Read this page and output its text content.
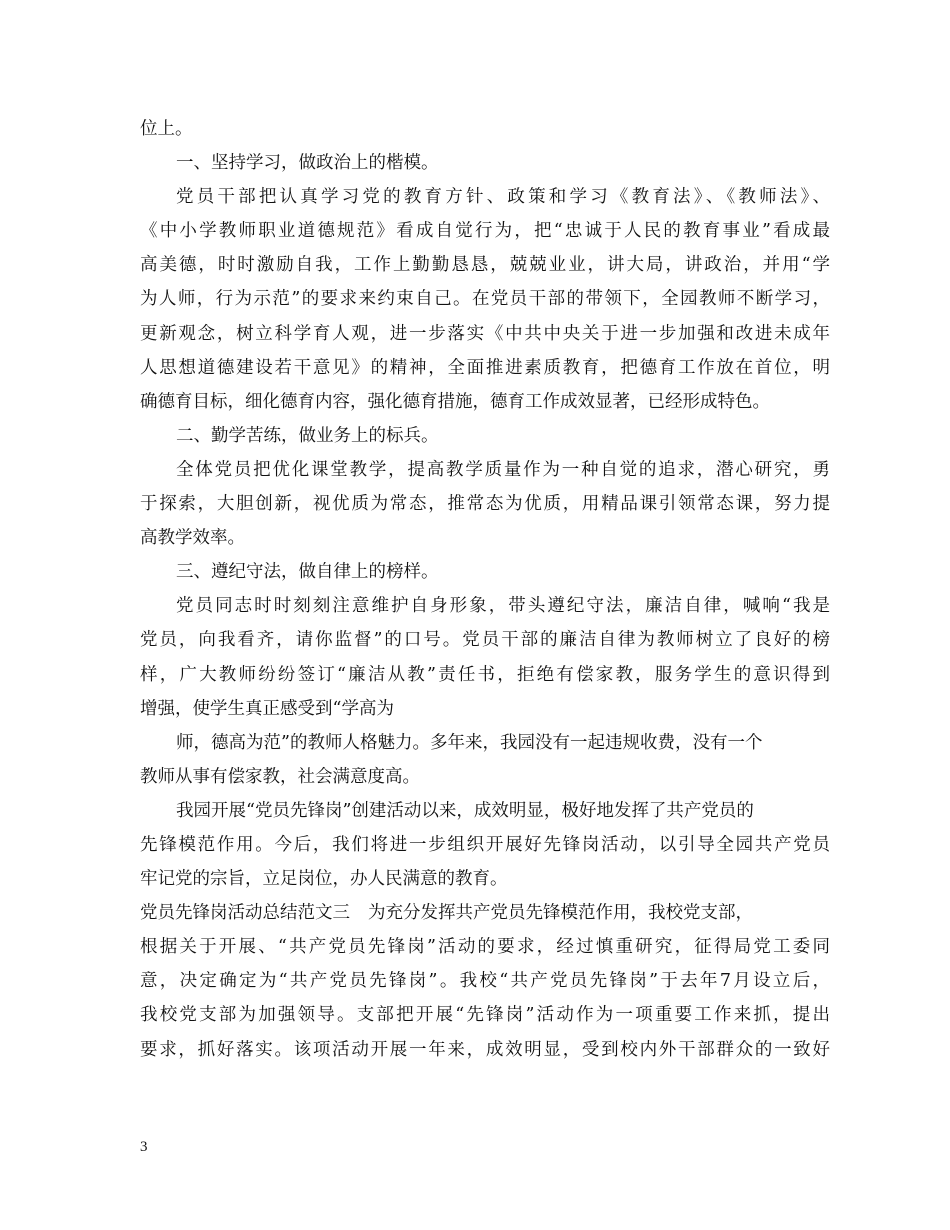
位上。

一、坚持学习，做政治上的楷模。

党员干部把认真学习党的教育方针、政策和学习《教育法》、《教师法》、

《中小学教师职业道德规范》看成自觉行为，把“忠诚于人民的教育事业”看成最

高美德，时时激励自我，工作上勤勤恳恳，兢兢业业，讲大局，讲政治，并用“学

为人师，行为示范”的要求来约束自己。在党员干部的带领下，全园教师不断学习，

更新观念，树立科学育人观，进一步落实《中共中央关于进一步加强和改进未成年

人思想道德建设若干意见》的精神，全面推进素质教育，把德育工作放在首位，明

确德育目标，细化德育内容，强化德育措施，德育工作成效显著，已经形成特色。

二、勤学苦练，做业务上的标兵。

全体党员把优化课堂教学，提高教学质量作为一种自觉的追求，潜心研究，勇

于探索，大胆创新，视优质为常态，推常态为优质，用精品课引领常态课，努力提

高教学效率。

三、遵纪守法，做自律上的榜样。

党员同志时时刻刻注意维护自身形象，带头遵纪守法，廉洁自律，喊响“我是

党员，向我看齐，请你监督”的口号。党员干部的廉洁自律为教师树立了良好的榜

样，广大教师纷纷签订“廉洁从教”责任书，拒绝有偿家教，服务学生的意识得到

增强，使学生真正感受到“学高为

师，德高为范”的教师人格魅力。多年来，我园没有一起违规收费，没有一个

教师从事有偿家教，社会满意度高。

我园开展“党员先锋岗”创建活动以来，成效明显，极好地发挥了共产党员的

先锋模范作用。今后，我们将进一步组织开展好先锋岗活动，以引导全园共产党员

牢记党的宗旨，立足岗位，办人民满意的教育。

党员先锋岗活动总结范文三 为充分发挥共产党员先锋模范作用，我校党支部，

根据关于开展、“共产党员先锋岗”活动的要求，经过慎重研究，征得局党工委同

意，决定确定为“共产党员先锋岗”。我校“共产党员先锋岗”于去年7月设立后，

我校党支部为加强领导。支部把开展“先锋岗”活动作为一项重要工作来抓，提出

要求，抓好落实。该项活动开展一年来，成效明显，受到校内外干部群众的一致好

3
